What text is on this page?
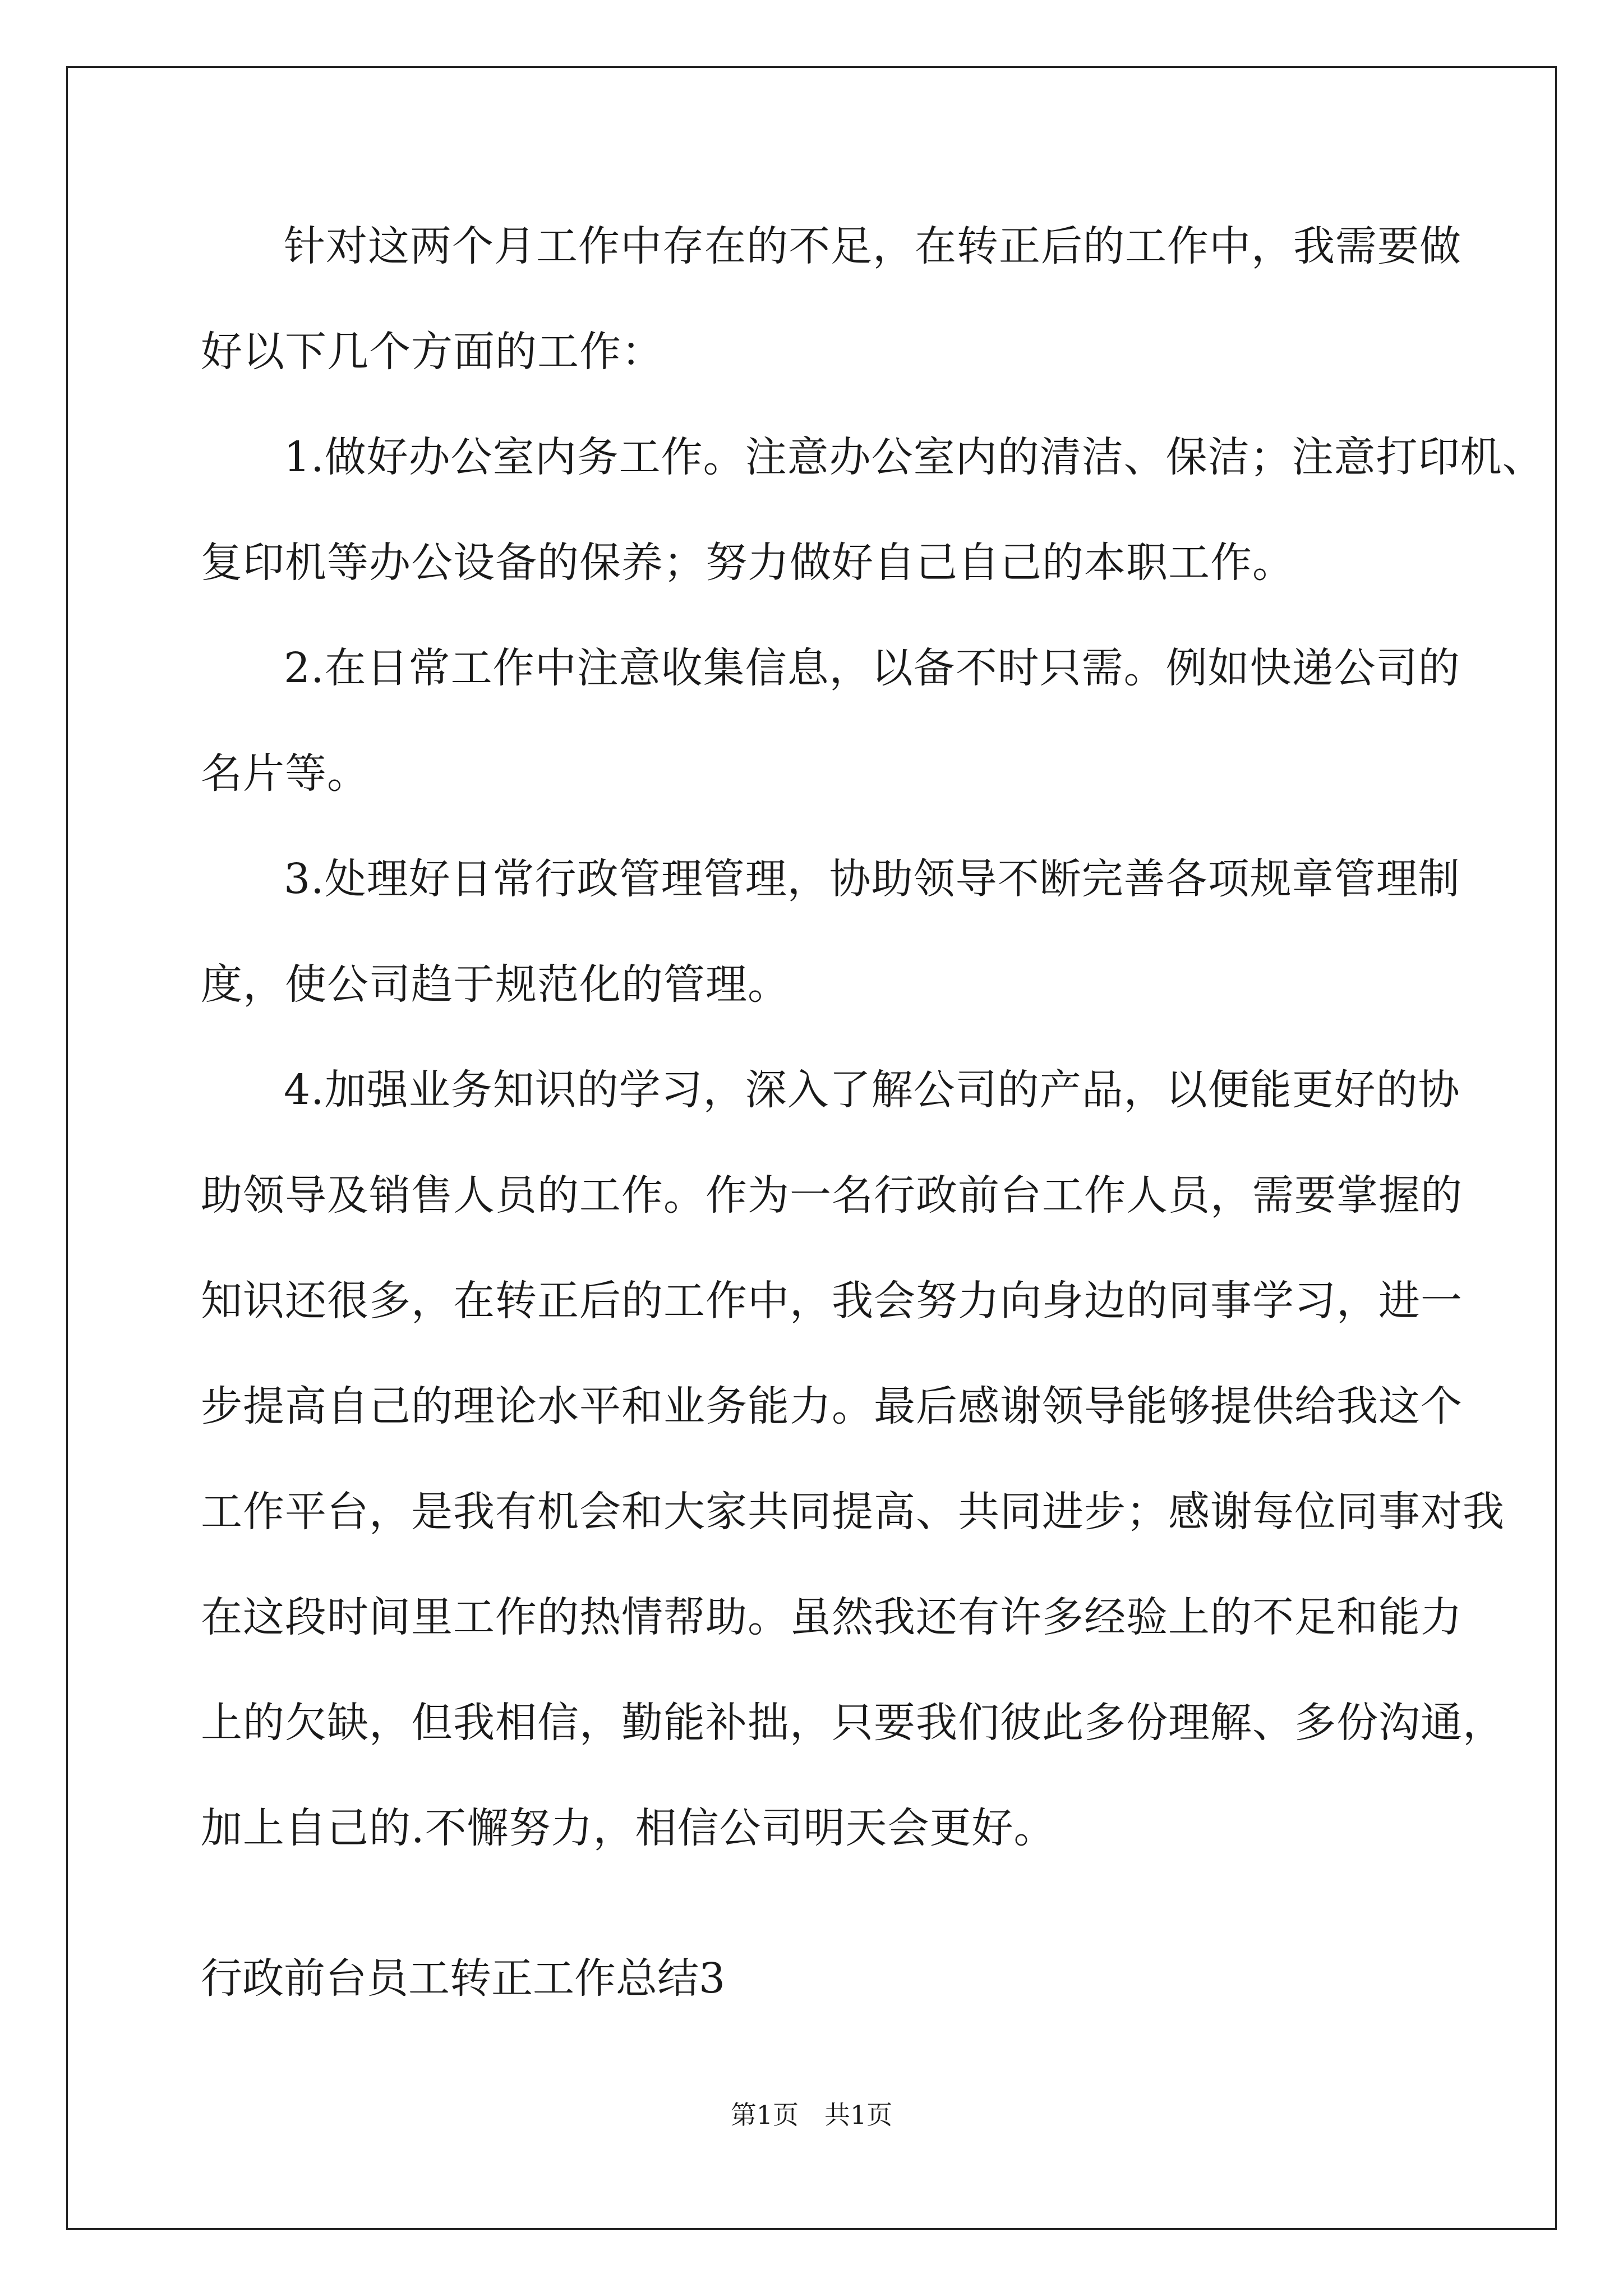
针对这两个月工作中存在的不足，在转正后的工作中，我需要做
好以下几个方面的工作：
1.做好办公室内务工作。注意办公室内的清洁、保洁；注意打印机、
复印机等办公设备的保养；努力做好自己自己的本职工作。
2.在日常工作中注意收集信息，以备不时只需。例如快递公司的
名片等。
3.处理好日常行政管理管理，协助领导不断完善各项规章管理制
度，使公司趋于规范化的管理。
4.加强业务知识的学习，深入了解公司的产品，以便能更好的协
助领导及销售人员的工作。作为一名行政前台工作人员，需要掌握的
知识还很多，在转正后的工作中，我会努力向身边的同事学习，进一
步提高自己的理论水平和业务能力。最后感谢领导能够提供给我这个
工作平台，是我有机会和大家共同提高、共同进步；感谢每位同事对我
在这段时间里工作的热情帮助。虽然我还有许多经验上的不足和能力
上的欠缺，但我相信，勤能补拙，只要我们彼此多份理解、多份沟通，
加上自己的.不懈努力，相信公司明天会更好。
行政前台员工转正工作总结3
第1页　共1页
